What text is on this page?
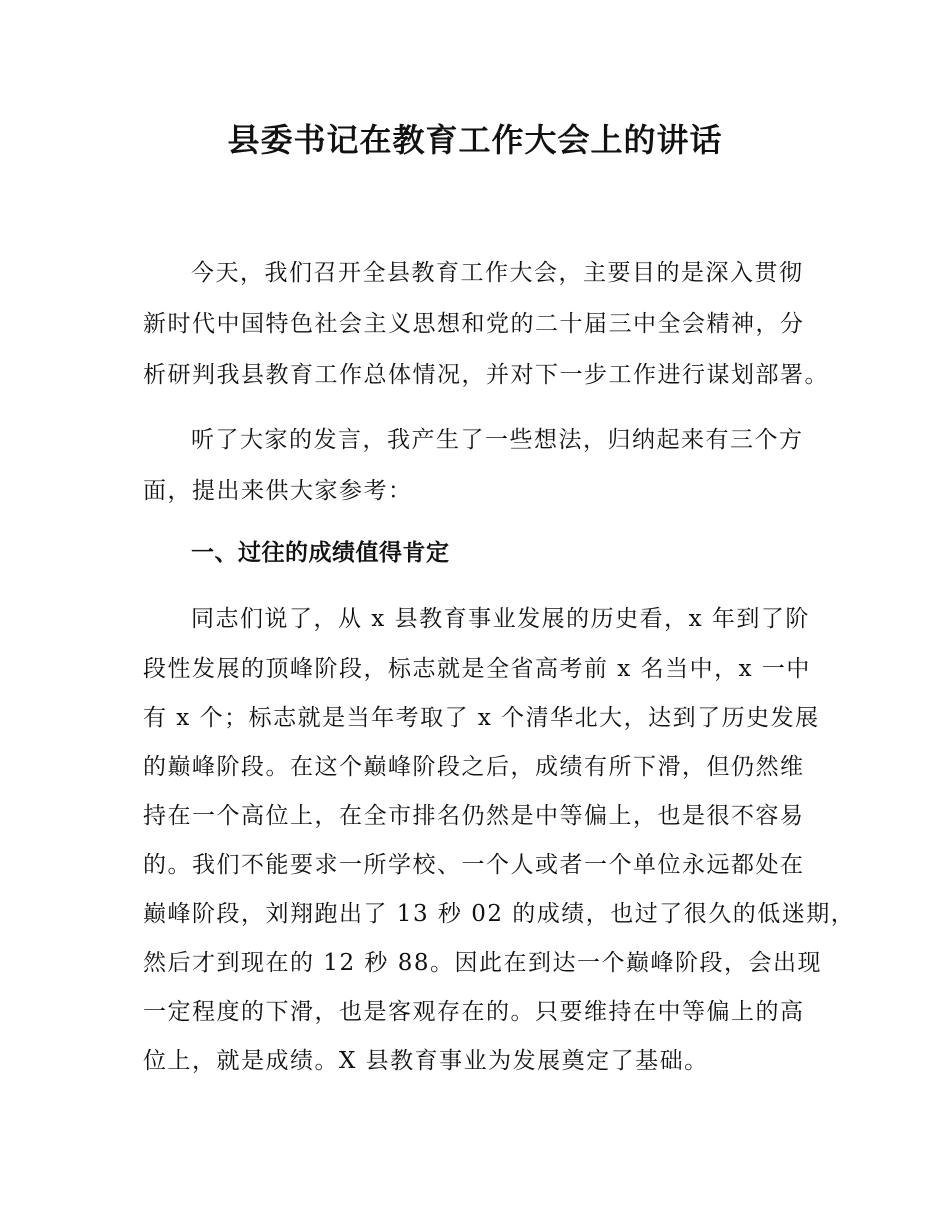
县委书记在教育工作大会上的讲话

今天，我们召开全县教育工作大会，主要目的是深入贯彻

新时代中国特色社会主义思想和党的二十届三中全会精神，分

析研判我县教育工作总体情况，并对下一步工作进行谋划部署。

听了大家的发言，我产生了一些想法，归纳起来有三个方

面，提出来供大家参考：

一、过往的成绩值得肯定

同志们说了，从 x 县教育事业发展的历史看，x 年到了阶

段性发展的顶峰阶段，标志就是全省高考前 x 名当中，x 一中

有 x 个；标志就是当年考取了 x 个清华北大，达到了历史发展

的巅峰阶段。在这个巅峰阶段之后，成绩有所下滑，但仍然维

持在一个高位上，在全市排名仍然是中等偏上，也是很不容易

的。我们不能要求一所学校、一个人或者一个单位永远都处在

巅峰阶段，刘翔跑出了 13 秒 02 的成绩，也过了很久的低迷期，

然后才到现在的 12 秒 88。因此在到达一个巅峰阶段，会出现

一定程度的下滑，也是客观存在的。只要维持在中等偏上的高

位上，就是成绩。X 县教育事业为发展奠定了基础。
